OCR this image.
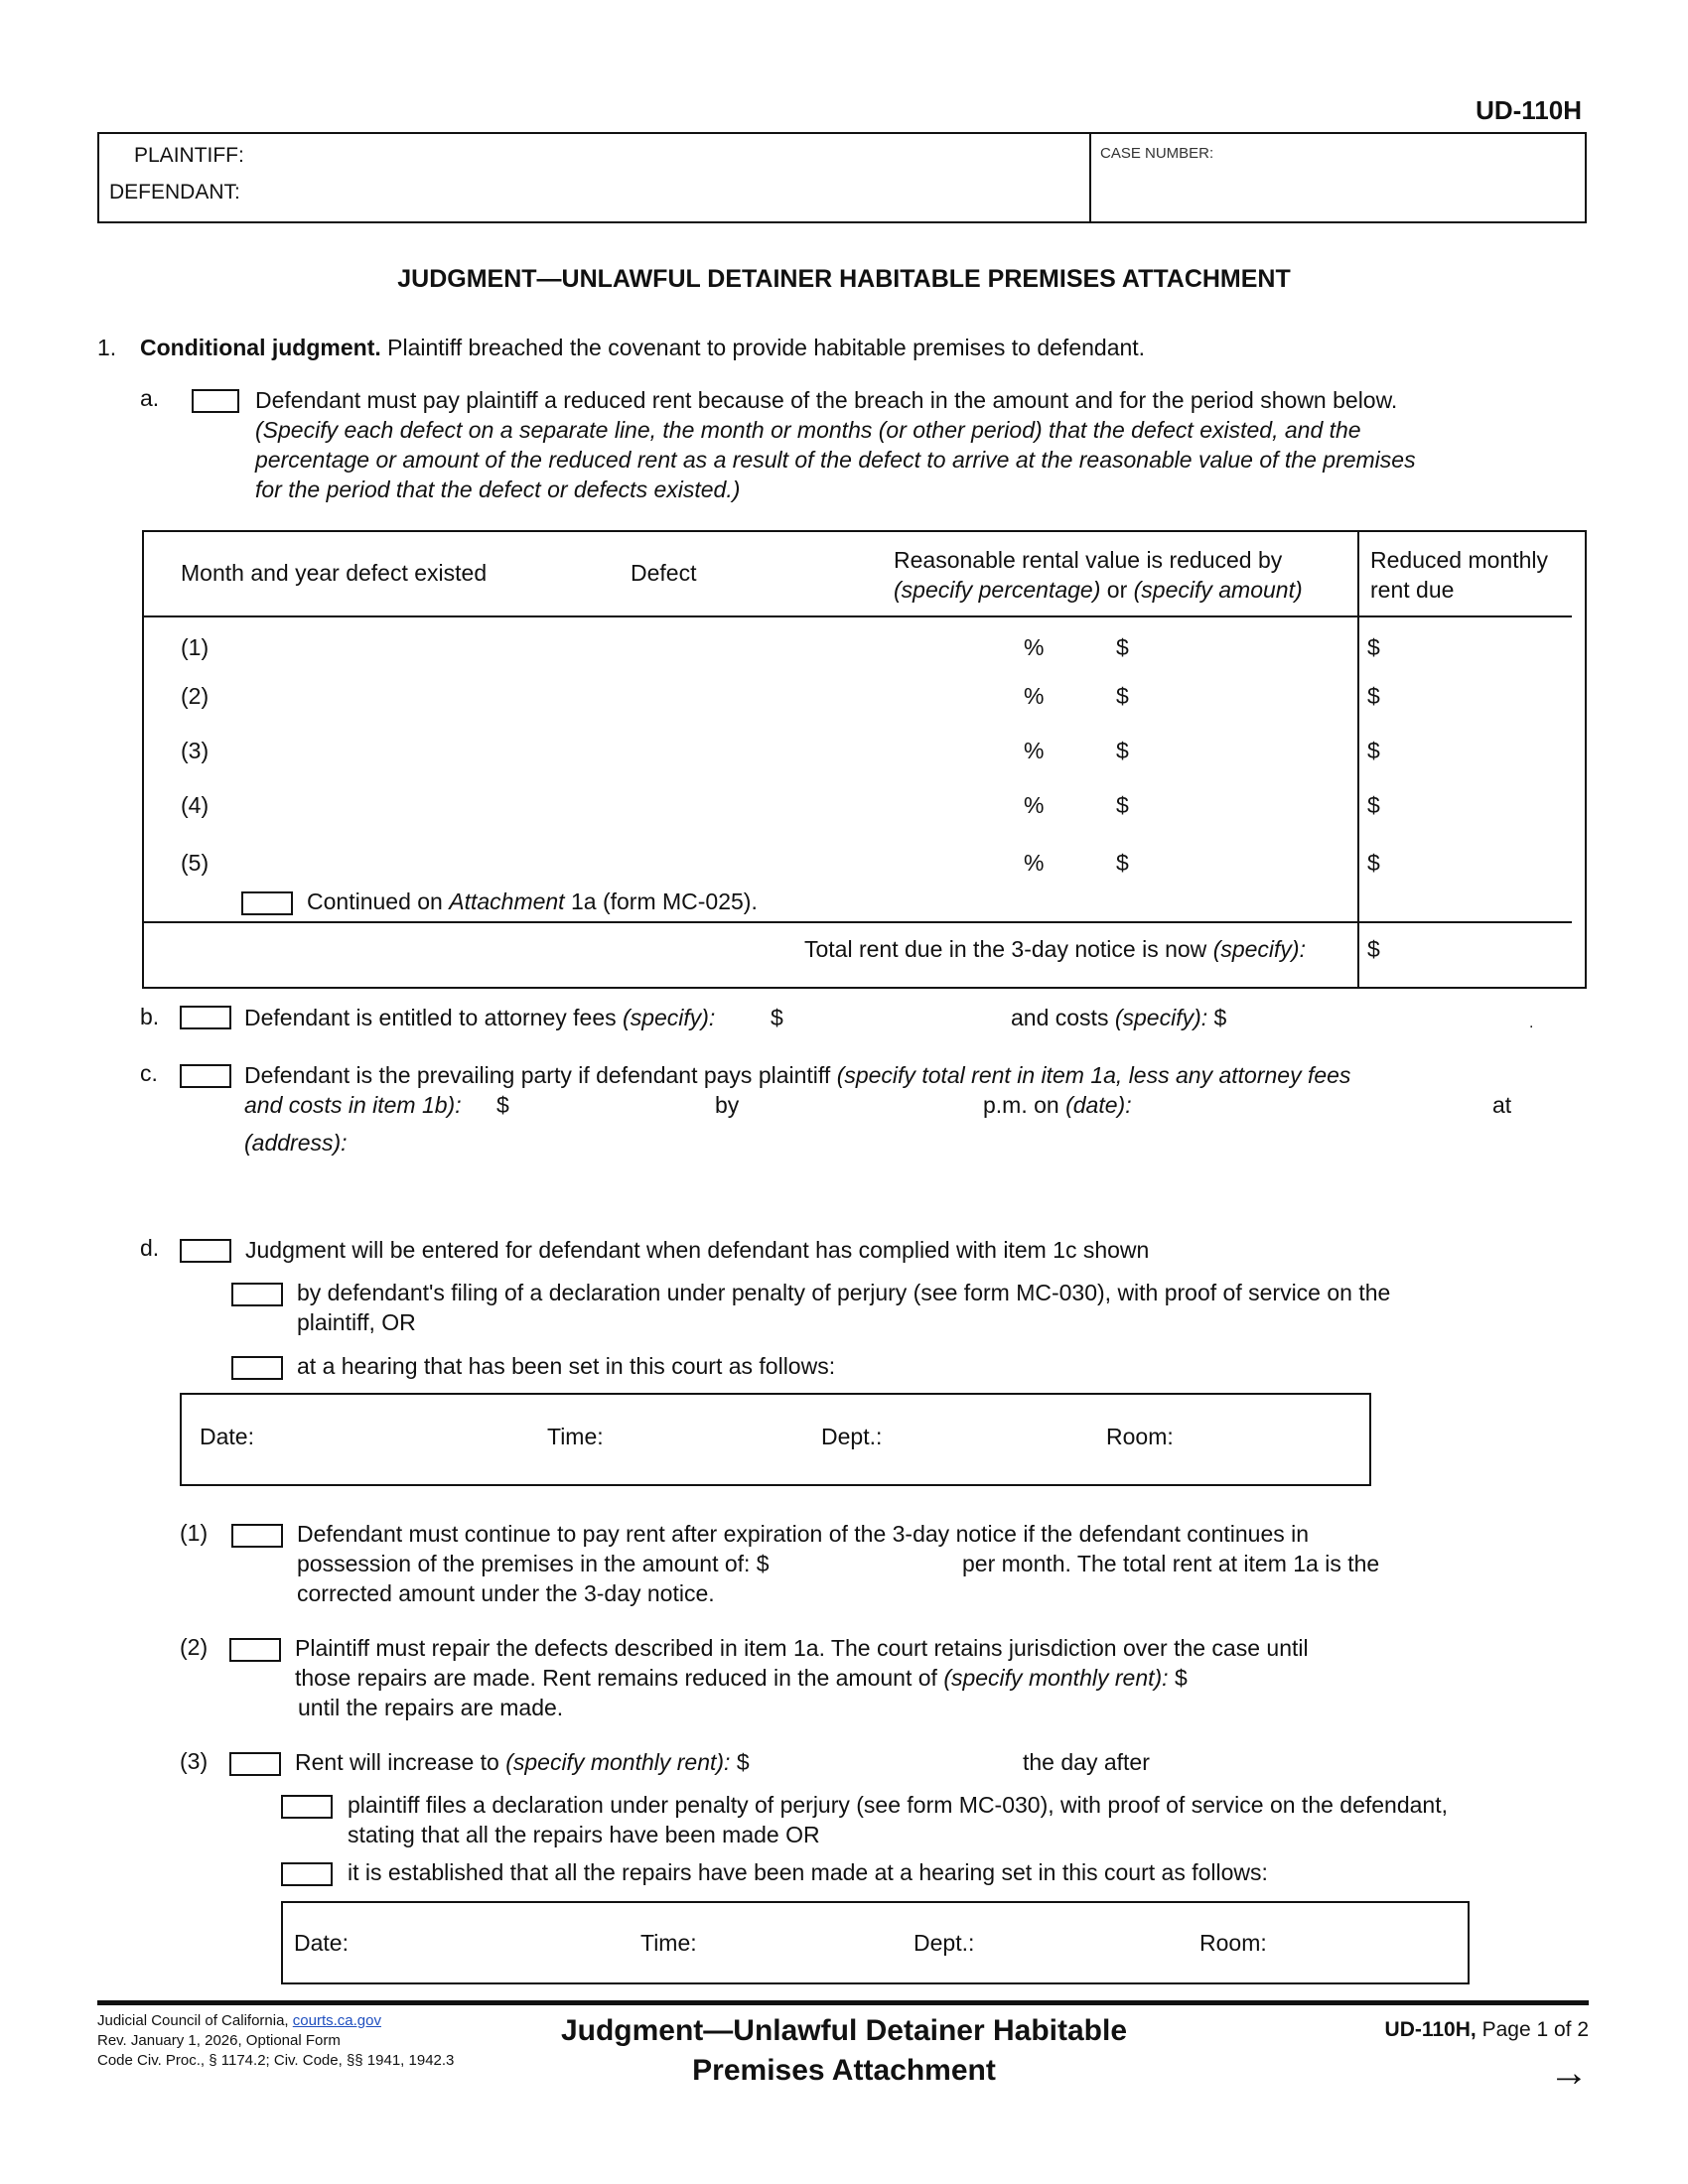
UD-110H
PLAINTIFF:
DEFENDANT:
CASE NUMBER:
JUDGMENT—UNLAWFUL DETAINER HABITABLE PREMISES ATTACHMENT
1. Conditional judgment. Plaintiff breached the covenant to provide habitable premises to defendant.
a.	Defendant must pay plaintiff a reduced rent because of the breach in the amount and for the period shown below.
(Specify each defect on a separate line, the month or months (or other period) that the defect existed, and the
percentage or amount of the reduced rent as a result of the defect to arrive at the reasonable value of the premises
for the period that the defect or defects existed.)
Month and year defect existed	Defect	Reasonable rental value is reduced by
(specify percentage) or (specify amount)
Reduced monthly
rent due
(1)	%	$	$
(2)	%	$	$
(3)	%	$	$
(4)	%	$	$
(5)	%	$	$
Continued on Attachment 1a (form MC-025).
Total rent due in the 3-day notice is now (specify):	$
b.	Defendant is entitled to attorney fees (specify): $	and costs (specify): $	.
c.	Defendant is the prevailing party if defendant pays plaintiff (specify total rent in item 1a, less any attorney fees
and costs in item 1b): $	by	p.m. on (date):	at
(address):
d.	Judgment will be entered for defendant when defendant has complied with item 1c shown
by defendant's filing of a declaration under penalty of perjury (see form MC-030), with proof of service on the
plaintiff, OR
at a hearing that has been set in this court as follows:
Date:	Time:	Dept.:	Room:
(1)	Defendant must continue to pay rent after expiration of the 3-day notice if the defendant continues in
possession of the premises in the amount of: $	per month. The total rent at item 1a is the
corrected amount under the 3-day notice.
(2)	Plaintiff must repair the defects described in item 1a. The court retains jurisdiction over the case until
those repairs are made. Rent remains reduced in the amount of (specify monthly rent): $
until the repairs are made.
(3)	Rent will increase to (specify monthly rent): $	the day after
plaintiff files a declaration under penalty of perjury (see form MC-030), with proof of service on the defendant,
stating that all the repairs have been made OR
it is established that all the repairs have been made at a hearing set in this court as follows:
Date:	Time:	Dept.:	Room:
Judicial Council of California, courts.ca.gov
Rev. January 1, 2026, Optional Form
Code Civ. Proc., § 1174.2; Civ. Code, §§ 1941, 1942.3
Judgment—Unlawful Detainer Habitable
Premises Attachment
UD-110H, Page 1 of 2
→
